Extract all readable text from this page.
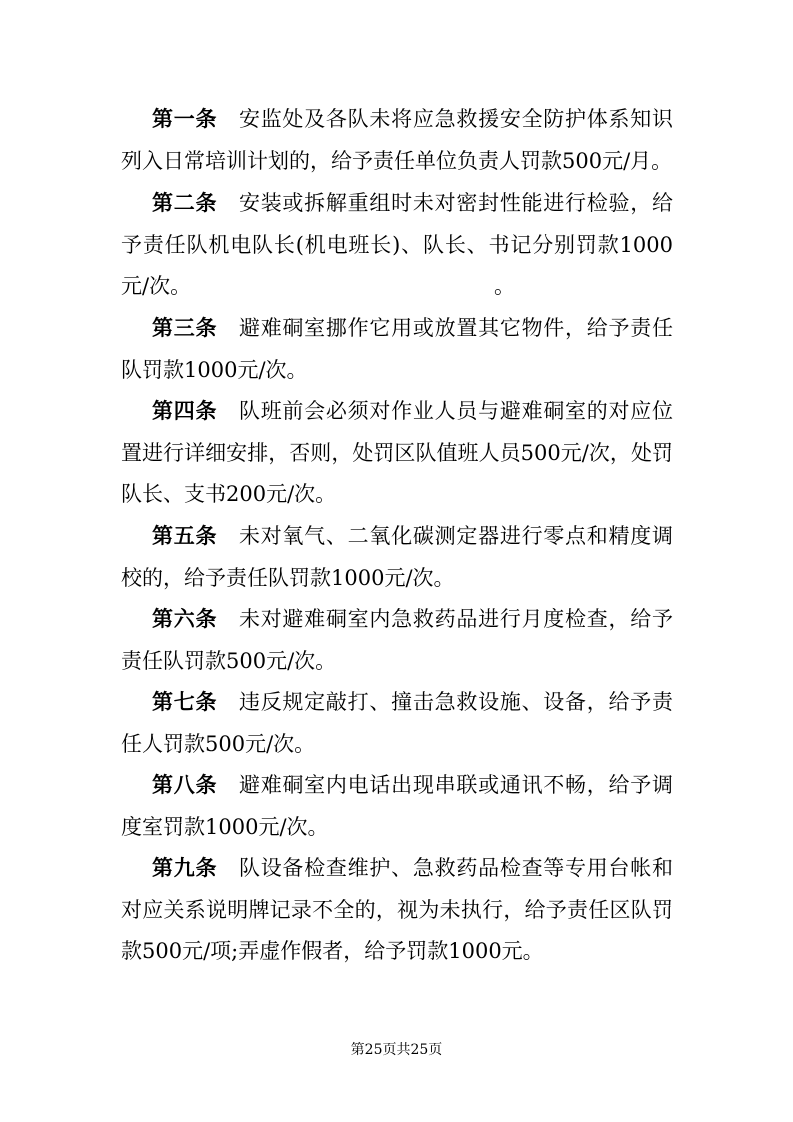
第一条  安监处及各队未将应急救援安全防护体系知识列入日常培训计划的，给予责任单位负责人罚款500元/月。

第二条  安装或拆解重组时未对密封性能进行检验，给予责任队机电队长(机电班长)、队长、书记分别罚款1000元/次。	。

第三条  避难硐室挪作它用或放置其它物件，给予责任队罚款1000元/次。

第四条  队班前会必须对作业人员与避难硐室的对应位置进行详细安排，否则，处罚区队值班人员500元/次，处罚队长、支书200元/次。

第五条  未对氧气、二氧化碳测定器进行零点和精度调校的，给予责任队罚款1000元/次。

第六条  未对避难硐室内急救药品进行月度检查，给予责任队罚款500元/次。

第七条  违反规定敲打、撞击急救设施、设备，给予责任人罚款500元/次。

第八条  避难硐室内电话出现串联或通讯不畅，给予调度室罚款1000元/次。

第九条  队设备检查维护、急救药品检查等专用台帐和对应关系说明牌记录不全的，视为未执行，给予责任区队罚款500元/项;弄虚作假者，给予罚款1000元。

第25页共25页
